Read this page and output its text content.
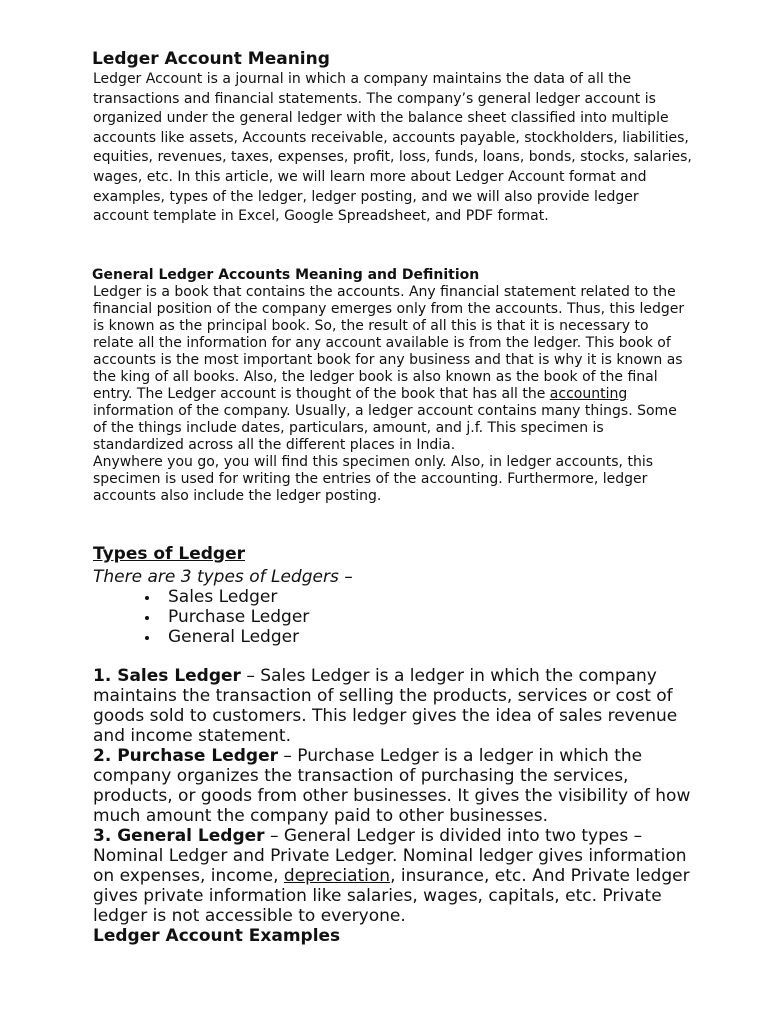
Ledger Account Meaning

Ledger Account is a journal in which a company maintains the data of all the transactions and financial statements. The company’s general ledger account is organized under the general ledger with the balance sheet classified into multiple accounts like assets, Accounts receivable, accounts payable, stockholders, liabilities, equities, revenues, taxes, expenses, profit, loss, funds, loans, bonds, stocks, salaries, wages, etc. In this article, we will learn more about Ledger Account format and examples, types of the ledger, ledger posting, and we will also provide ledger account template in Excel, Google Spreadsheet, and PDF format.

General Ledger Accounts Meaning and Definition
Ledger is a book that contains the accounts. Any financial statement related to the financial position of the company emerges only from the accounts. Thus, this ledger is known as the principal book. So, the result of all this is that it is necessary to relate all the information for any account available is from the ledger. This book of accounts is the most important book for any business and that is why it is known as the king of all books. Also, the ledger book is also known as the book of the final entry. The Ledger account is thought of the book that has all the accounting information of the company. Usually, a ledger account contains many things. Some of the things include dates, particulars, amount, and j.f. This specimen is standardized across all the different places in India.
Anywhere you go, you will find this specimen only. Also, in ledger accounts, this specimen is used for writing the entries of the accounting. Furthermore, ledger accounts also include the ledger posting.
Types of Ledger

There are 3 types of Ledgers –

Sales Ledger
Purchase Ledger
General Ledger
1. Sales Ledger – Sales Ledger is a ledger in which the company maintains the transaction of selling the products, services or cost of goods sold to customers. This ledger gives the idea of sales revenue and income statement.
2. Purchase Ledger – Purchase Ledger is a ledger in which the company organizes the transaction of purchasing the services, products, or goods from other businesses. It gives the visibility of how much amount the company paid to other businesses.
3. General Ledger – General Ledger is divided into two types – Nominal Ledger and Private Ledger. Nominal ledger gives information on expenses, income, depreciation, insurance, etc. And Private ledger gives private information like salaries, wages, capitals, etc. Private ledger is not accessible to everyone.
Ledger Account Examples
